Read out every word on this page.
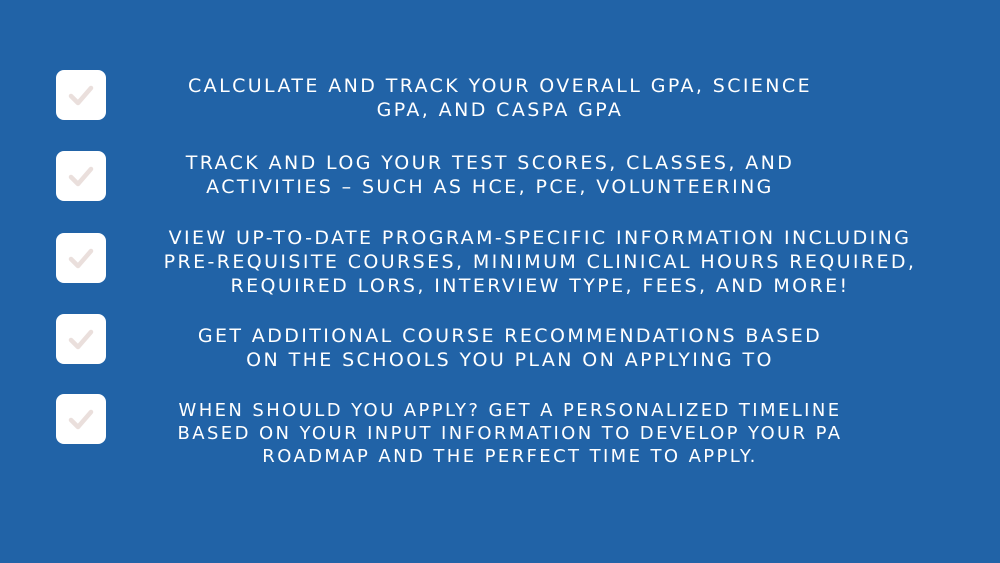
CALCULATE AND TRACK YOUR OVERALL GPA, SCIENCE
GPA, AND CASPA GPA
TRACK AND LOG YOUR TEST SCORES, CLASSES, AND
ACTIVITIES – SUCH AS HCE, PCE, VOLUNTEERING
VIEW UP-TO-DATE PROGRAM-SPECIFIC INFORMATION INCLUDING
PRE-REQUISITE COURSES, MINIMUM CLINICAL HOURS REQUIRED,
REQUIRED LORS, INTERVIEW TYPE, FEES, AND MORE!
GET ADDITIONAL COURSE RECOMMENDATIONS BASED
ON THE SCHOOLS YOU PLAN ON APPLYING TO
WHEN SHOULD YOU APPLY? GET A PERSONALIZED TIMELINE
BASED ON YOUR INPUT INFORMATION TO DEVELOP YOUR PA
ROADMAP AND THE PERFECT TIME TO APPLY.
